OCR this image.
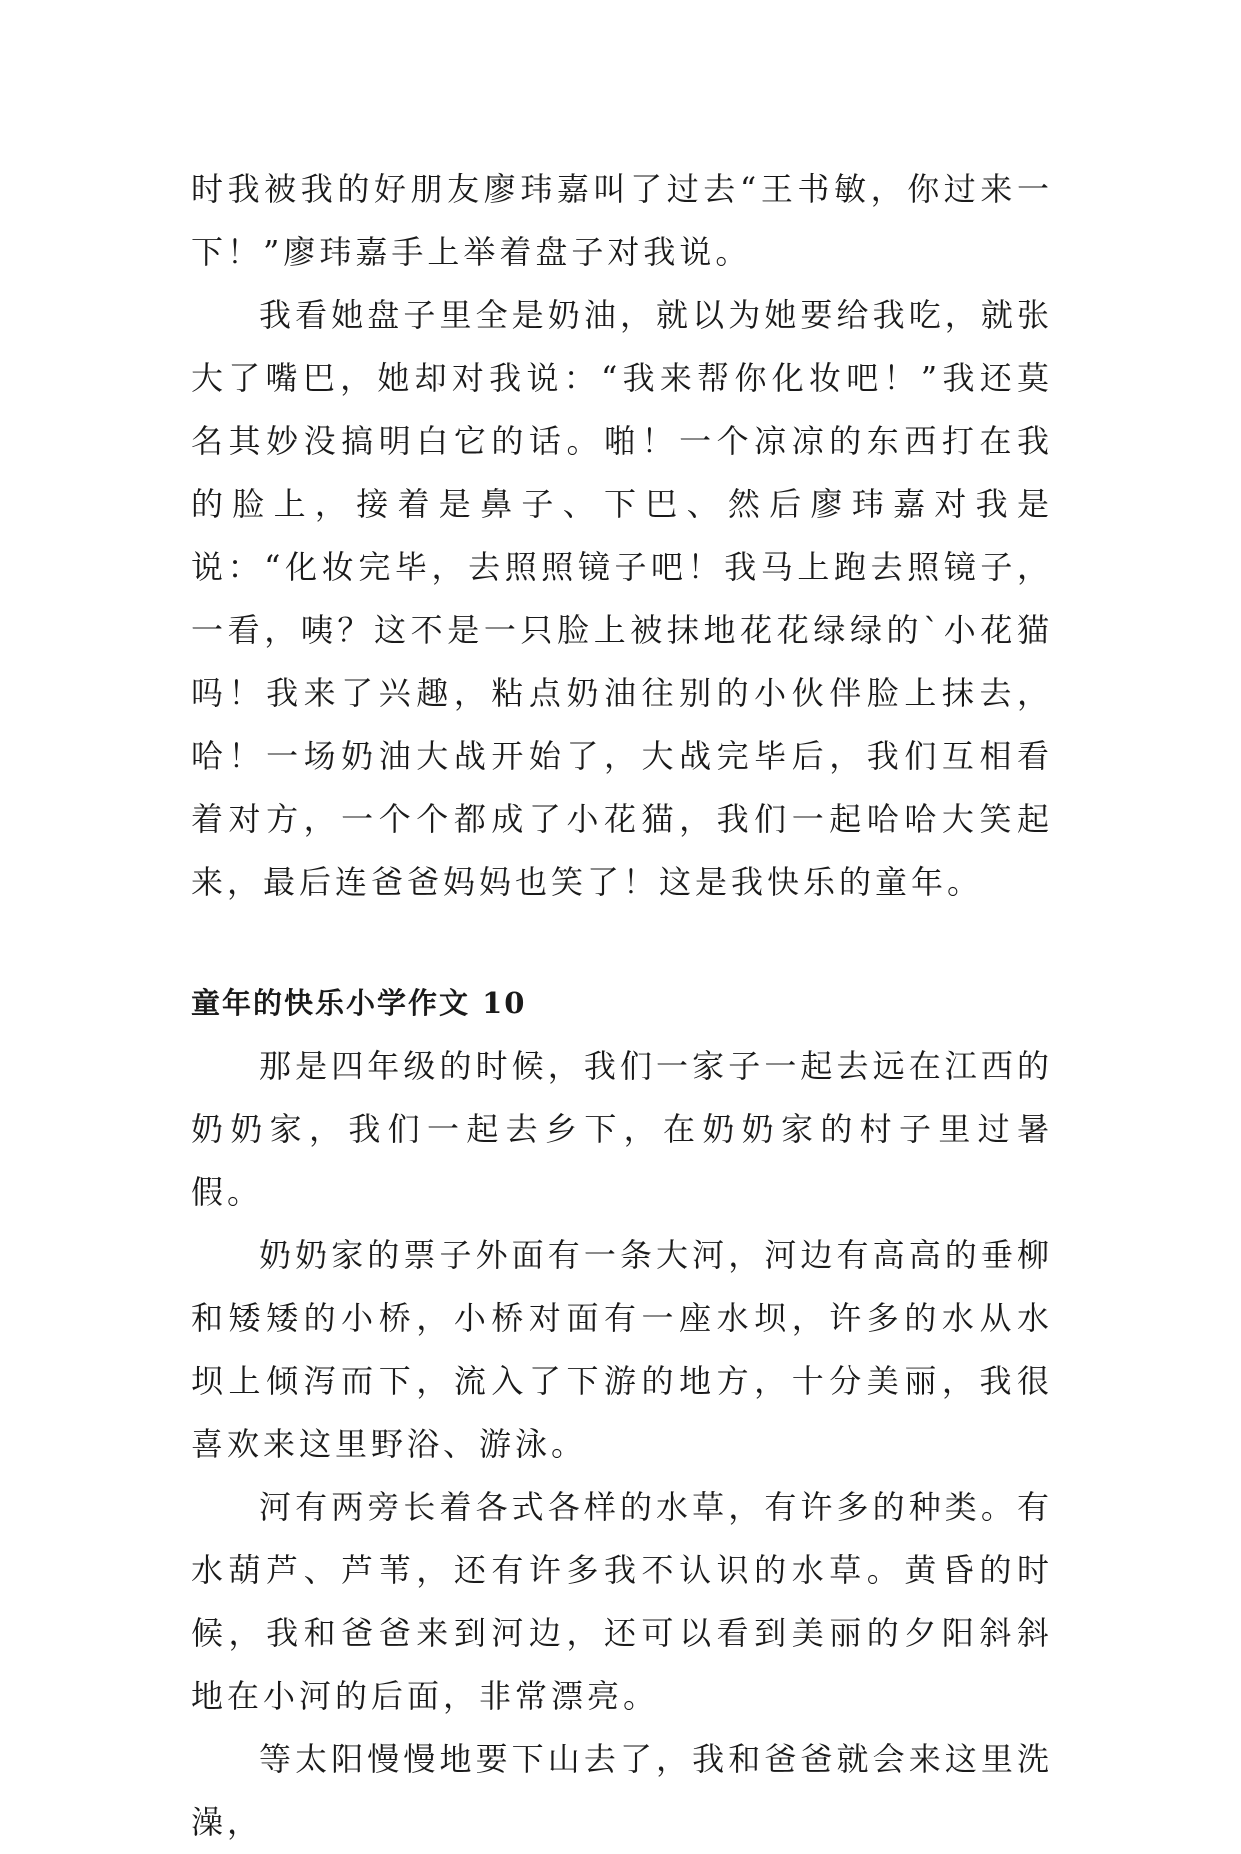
时我被我的好朋友廖玮嘉叫了过去“王书敏，你过来一下！”廖玮嘉手上举着盘子对我说。

我看她盘子里全是奶油，就以为她要给我吃，就张大了嘴巴，她却对我说：“我来帮你化妆吧！”我还莫名其妙没搞明白它的话。啪！一个凉凉的东西打在我的脸上，接着是鼻子、下巴、然后廖玮嘉对我是说：“化妆完毕，去照照镜子吧！我马上跑去照镜子，一看，咦？这不是一只脸上被抹地花花绿绿的`小花猫吗！我来了兴趣，粘点奶油往别的小伙伴脸上抹去，哈！一场奶油大战开始了，大战完毕后，我们互相看着对方，一个个都成了小花猫，我们一起哈哈大笑起来，最后连爸爸妈妈也笑了！这是我快乐的童年。

童年的快乐小学作文 10

那是四年级的时候，我们一家子一起去远在江西的奶奶家，我们一起去乡下，在奶奶家的村子里过暑假。

奶奶家的票子外面有一条大河，河边有高高的垂柳和矮矮的小桥，小桥对面有一座水坝，许多的水从水坝上倾泻而下，流入了下游的地方，十分美丽，我很喜欢来这里野浴、游泳。

河有两旁长着各式各样的水草，有许多的种类。有水葫芦、芦苇，还有许多我不认识的水草。黄昏的时候，我和爸爸来到河边，还可以看到美丽的夕阳斜斜地在小河的后面，非常漂亮。

等太阳慢慢地要下山去了，我和爸爸就会来这里洗澡，
